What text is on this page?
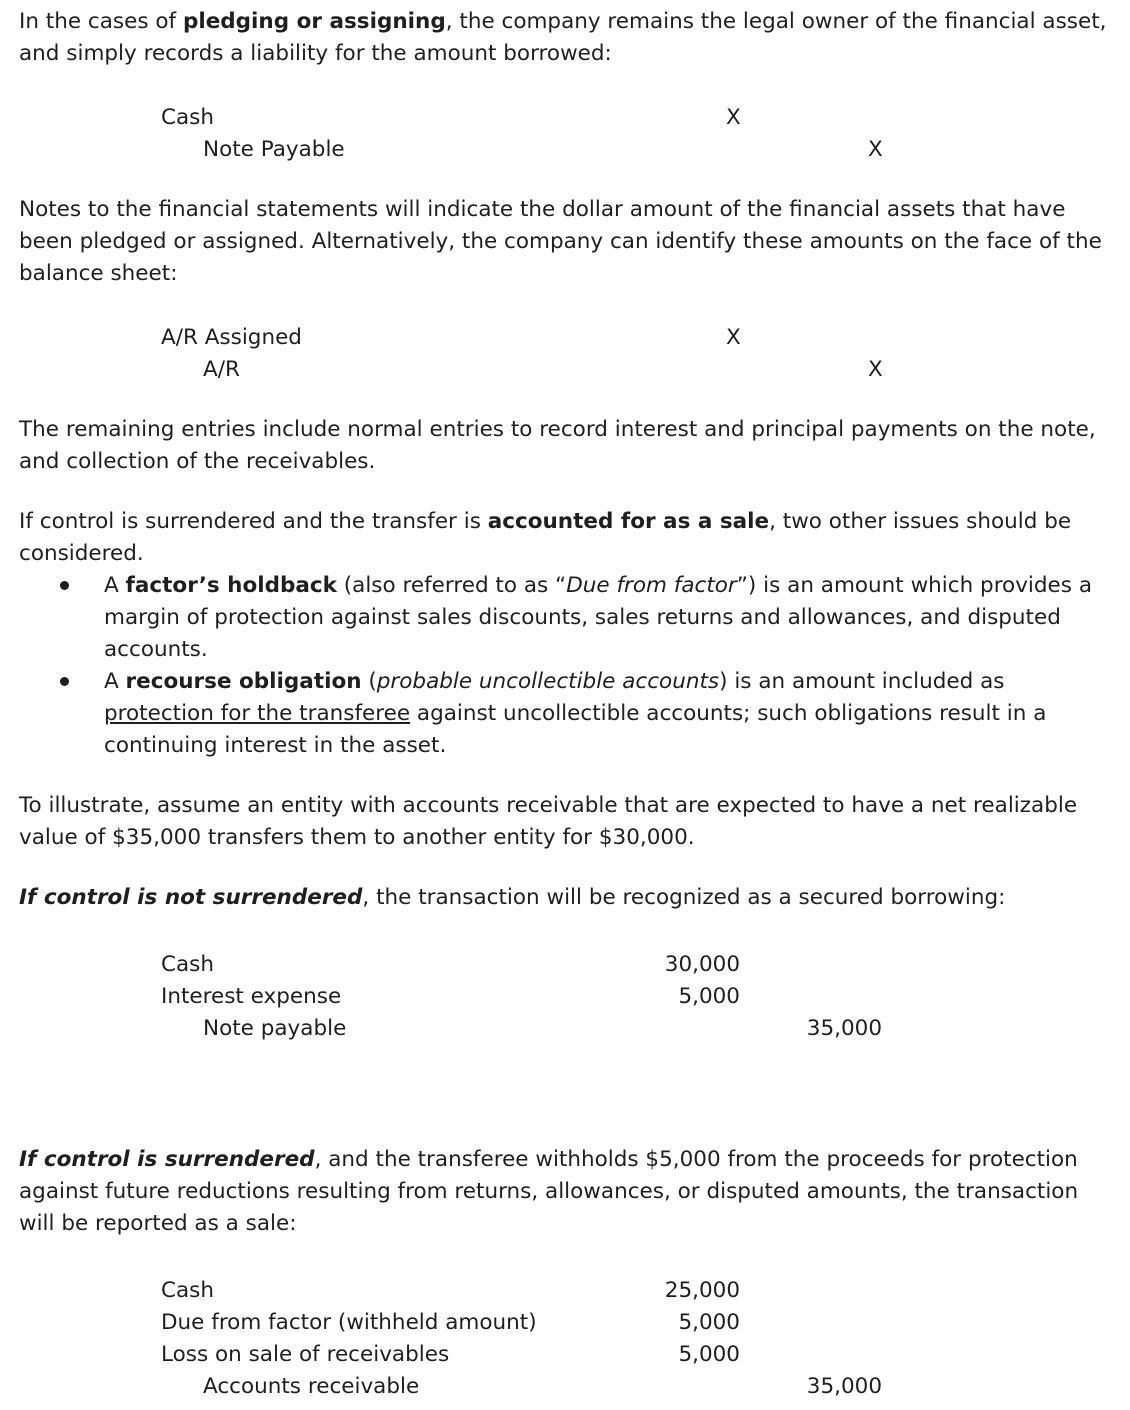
In the cases of pledging or assigning, the company remains the legal owner of the financial asset, and simply records a liability for the amount borrowed:

Cash	X
Note Payable	X

Notes to the financial statements will indicate the dollar amount of the financial assets that have been pledged or assigned. Alternatively, the company can identify these amounts on the face of the balance sheet:

A/R Assigned	X
A/R	X

The remaining entries include normal entries to record interest and principal payments on the note, and collection of the receivables.

If control is surrendered and the transfer is accounted for as a sale, two other issues should be considered.

A factor’s holdback (also referred to as “Due from factor”) is an amount which provides a margin of protection against sales discounts, sales returns and allowances, and disputed accounts.
A recourse obligation (probable uncollectible accounts) is an amount included as protection for the transferee against uncollectible accounts; such obligations result in a continuing interest in the asset.

To illustrate, assume an entity with accounts receivable that are expected to have a net realizable value of $35,000 transfers them to another entity for $30,000.

If control is not surrendered, the transaction will be recognized as a secured borrowing:

Cash	30,000
Interest expense	5,000
Note payable	35,000

If control is surrendered, and the transferee withholds $5,000 from the proceeds for protection against future reductions resulting from returns, allowances, or disputed amounts, the transaction will be reported as a sale:

Cash	25,000
Due from factor (withheld amount)	5,000
Loss on sale of receivables	5,000
Accounts receivable	35,000
